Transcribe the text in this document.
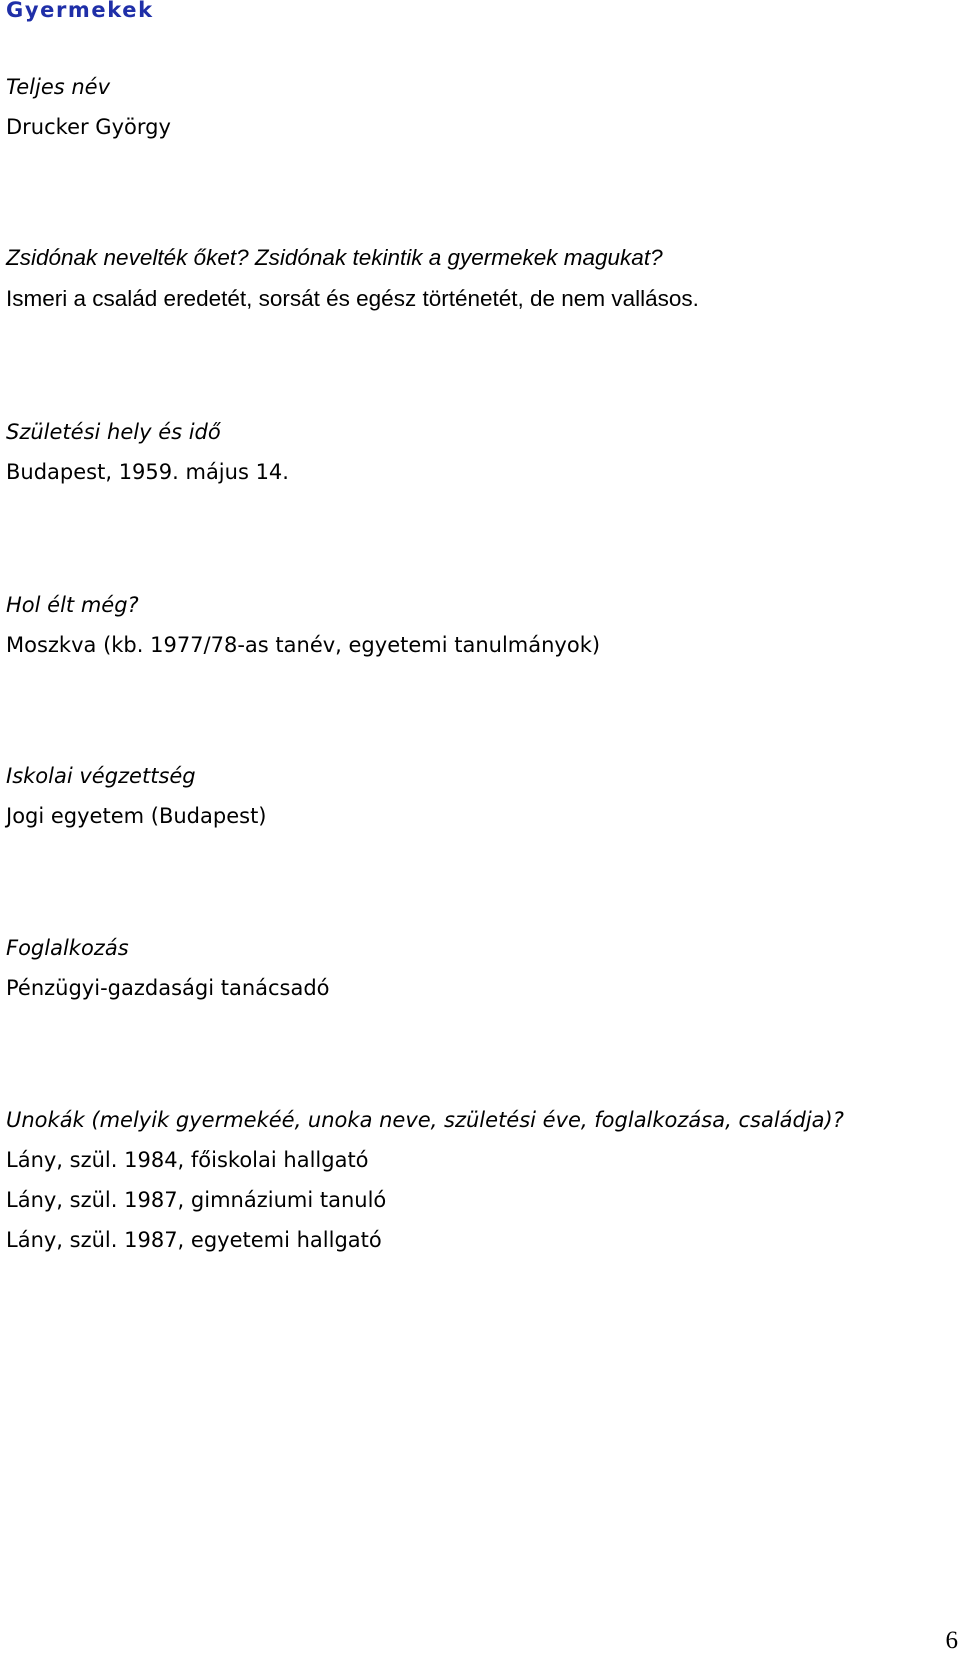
Gyermekek

Teljes név

Drucker György

Zsidónak nevelték őket? Zsidónak tekintik a gyermekek magukat?

Ismeri a család eredetét, sorsát és egész történetét, de nem vallásos.

Születési hely és idő

Budapest, 1959. május 14.

Hol élt még?

Moszkva (kb. 1977/78-as tanév, egyetemi tanulmányok)

Iskolai végzettség

Jogi egyetem (Budapest)

Foglalkozás

Pénzügyi-gazdasági tanácsadó

Unokák (melyik gyermekéé, unoka neve, születési éve, foglalkozása, családja)?

Lány, szül. 1984, főiskolai hallgató

Lány, szül. 1987, gimnáziumi tanuló

Lány, szül. 1987, egyetemi hallgató

6
